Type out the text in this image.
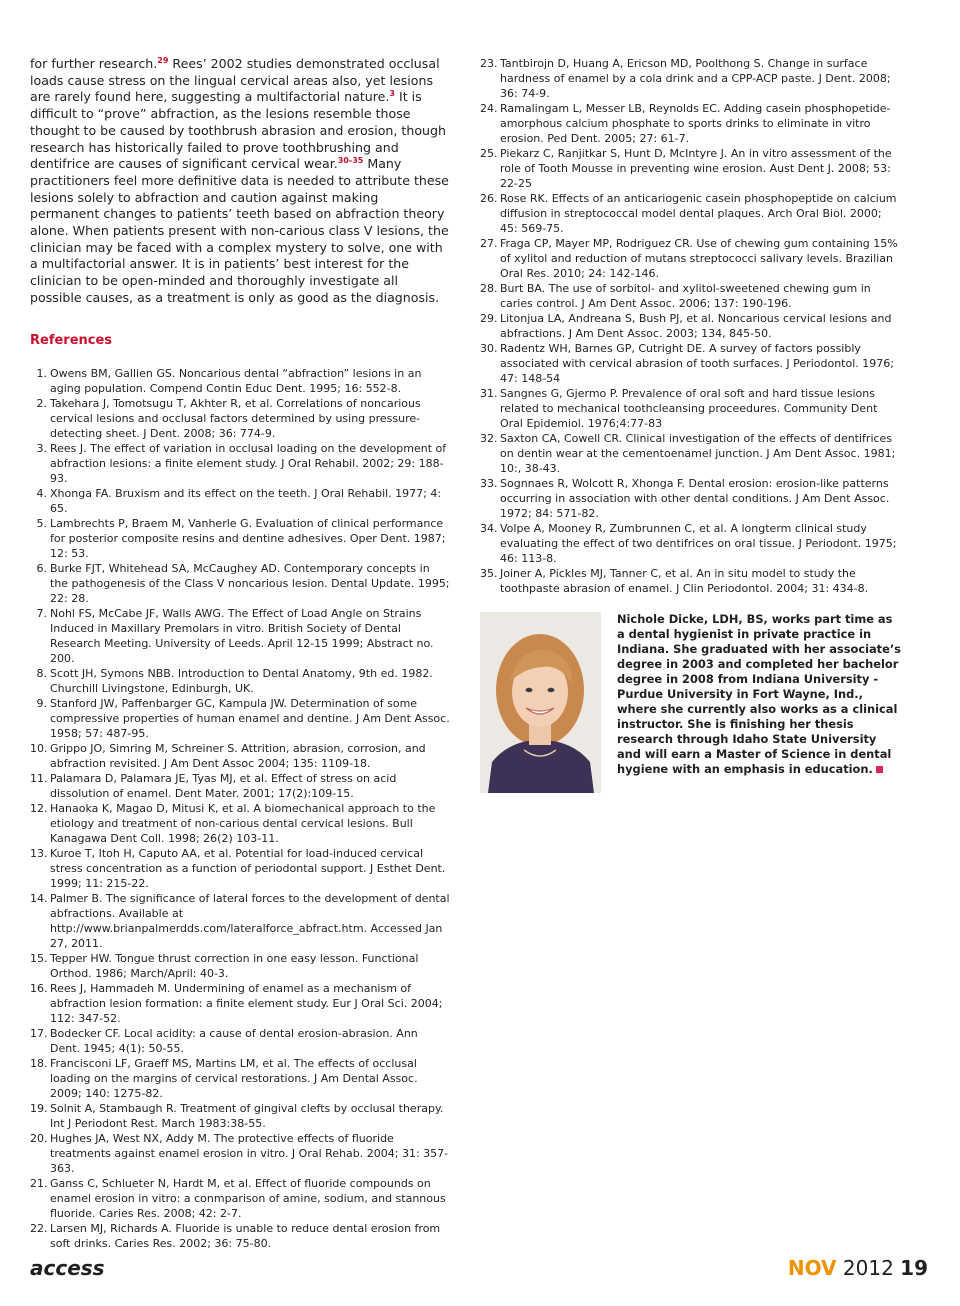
for further research.$^{29}$ Rees’ 2002 studies demonstrated occlusal loads cause stress on the lingual cervical areas also, yet lesions are rarely found here, suggesting a multifactorial nature.$^3$ It is difficult to “prove” abfraction, as the lesions resemble those thought to be caused by toothbrush abrasion and erosion, though research has historically failed to prove toothbrushing and dentifrice are causes of significant cervical wear.$^{30-35}$ Many practitioners feel more definitive data is needed to attribute these lesions solely to abfraction and caution against making permanent changes to patients’ teeth based on abfraction theory alone. When patients present with non-carious class V lesions, the clinician may be faced with a complex mystery to solve, one with a multifactorial answer. It is in patients’ best interest for the clinician to be open-minded and thoroughly investigate all possible causes, as a treatment is only as good as the diagnosis.

References
1. Owens BM, Gallien GS. Noncarious dental “abfraction” lesions in an aging population. Compend Contin Educ Dent. 1995; 16: 552-8.
2. Takehara J, Tomotsugu T, Akhter R, et al. Correlations of noncarious cervical lesions and occlusal factors determined by using pressure-detecting sheet. J Dent. 2008; 36: 774-9.
3. Rees J. The effect of variation in occlusal loading on the development of abfraction lesions: a finite element study. J Oral Rehabil. 2002; 29: 188-93.
4. Xhonga FA. Bruxism and its effect on the teeth. J Oral Rehabil. 1977; 4: 65.
5. Lambrechts P, Braem M, Vanherle G. Evaluation of clinical performance for posterior composite resins and dentine adhesives. Oper Dent. 1987; 12: 53.
6. Burke FJT, Whitehead SA, McCaughey AD. Contemporary concepts in the pathogenesis of the Class V noncarious lesion. Dental Update. 1995; 22: 28.
7. Nohl FS, McCabe JF, Walls AWG. The Effect of Load Angle on Strains Induced in Maxillary Premolars in vitro. British Society of Dental Research Meeting. University of Leeds. April 12-15 1999; Abstract no. 200.
8. Scott JH, Symons NBB. Introduction to Dental Anatomy, 9th ed. 1982. Churchill Livingstone, Edinburgh, UK.
9. Stanford JW, Paffenbarger GC, Kampula JW. Determination of some compressive properties of human enamel and dentine. J Am Dent Assoc. 1958; 57: 487-95.
10. Grippo JO, Simring M, Schreiner S. Attrition, abrasion, corrosion, and abfraction revisited. J Am Dent Assoc 2004; 135: 1109-18.
11. Palamara D, Palamara JE, Tyas MJ, et al. Effect of stress on acid dissolution of enamel. Dent Mater. 2001; 17(2):109-15.
12. Hanaoka K, Magao D, Mitusi K, et al. A biomechanical approach to the etiology and treatment of non-carious dental cervical lesions. Bull Kanagawa Dent Coll. 1998; 26(2) 103-11.
13. Kuroe T, Itoh H, Caputo AA, et al. Potential for load-induced cervical stress concentration as a function of periodontal support. J Esthet Dent. 1999; 11: 215-22.
14. Palmer B. The significance of lateral forces to the development of dental abfractions. Available at http://www.brianpalmerdds.com/lateralforce_abfract.htm. Accessed Jan 27, 2011.
15. Tepper HW. Tongue thrust correction in one easy lesson. Functional Orthod. 1986; March/April: 40-3.
16. Rees J, Hammadeh M. Undermining of enamel as a mechanism of abfraction lesion formation: a finite element study. Eur J Oral Sci. 2004; 112: 347-52.
17. Bodecker CF. Local acidity: a cause of dental erosion-abrasion. Ann Dent. 1945; 4(1): 50-55.
18. Francisconi LF, Graeff MS, Martins LM, et al. The effects of occlusal loading on the margins of cervical restorations. J Am Dental Assoc. 2009; 140: 1275-82.
19. Solnit A, Stambaugh R. Treatment of gingival clefts by occlusal therapy. Int J Periodont Rest. March 1983:38-55.
20. Hughes JA, West NX, Addy M. The protective effects of fluoride treatments against enamel erosion in vitro. J Oral Rehab. 2004; 31: 357-363.
21. Ganss C, Schlueter N, Hardt M, et al. Effect of fluoride compounds on enamel erosion in vitro: a conmparison of amine, sodium, and stannous fluoride. Caries Res. 2008; 42: 2-7.
22. Larsen MJ, Richards A. Fluoride is unable to reduce dental erosion from soft drinks. Caries Res. 2002; 36: 75-80.
23. Tantbirojn D, Huang A, Ericson MD, Poolthong S. Change in surface hardness of enamel by a cola drink and a CPP-ACP paste. J Dent. 2008; 36: 74-9.
24. Ramalingam L, Messer LB, Reynolds EC. Adding casein phosphopetide-amorphous calcium phosphate to sports drinks to eliminate in vitro erosion. Ped Dent. 2005; 27: 61-7.
25. Piekarz C, Ranjitkar S, Hunt D, McIntyre J. An in vitro assessment of the role of Tooth Mousse in preventing wine erosion. Aust Dent J. 2008; 53: 22-25
26. Rose RK. Effects of an anticariogenic casein phosphopeptide on calcium diffusion in streptococcal model dental plaques. Arch Oral Biol. 2000; 45: 569-75.
27. Fraga CP, Mayer MP, Rodriguez CR. Use of chewing gum containing 15% of xylitol and reduction of mutans streptococci salivary levels. Brazilian Oral Res. 2010; 24: 142-146.
28. Burt BA. The use of sorbitol- and xylitol-sweetened chewing gum in caries control. J Am Dent Assoc. 2006; 137: 190-196.
29. Litonjua LA, Andreana S, Bush PJ, et al. Noncarious cervical lesions and abfractions. J Am Dent Assoc. 2003; 134, 845-50.
30. Radentz WH, Barnes GP, Cutright DE. A survey of factors possibly associated with cervical abrasion of tooth surfaces. J Periodontol. 1976; 47: 148-54
31. Sangnes G, Gjermo P. Prevalence of oral soft and hard tissue lesions related to mechanical toothcleansing proceedures. Community Dent Oral Epidemiol. 1976;4:77-83
32. Saxton CA, Cowell CR. Clinical investigation of the effects of dentifrices on dentin wear at the cementoenamel junction. J Am Dent Assoc. 1981; 10:, 38-43.
33. Sognnaes R, Wolcott R, Xhonga F. Dental erosion: erosion-like patterns occurring in association with other dental conditions. J Am Dent Assoc. 1972; 84: 571-82.
34. Volpe A, Mooney R, Zumbrunnen C, et al. A longterm clinical study evaluating the effect of two dentifrices on oral tissue. J Periodont. 1975; 46: 113-8.
35. Joiner A, Pickles MJ, Tanner C, et al. An in situ model to study the toothpaste abrasion of enamel. J Clin Periodontol. 2004; 31: 434-8.

Nichole Dicke, LDH, BS, works part time as a dental hygienist in private practice in Indiana. She graduated with her associate’s degree in 2003 and completed her bachelor degree in 2008 from Indiana University - Purdue University in Fort Wayne, Ind., where she currently also works as a clinical instructor. She is finishing her thesis research through Idaho State University and will earn a Master of Science in dental hygiene with an emphasis in education.

access	NOV 2012 19
